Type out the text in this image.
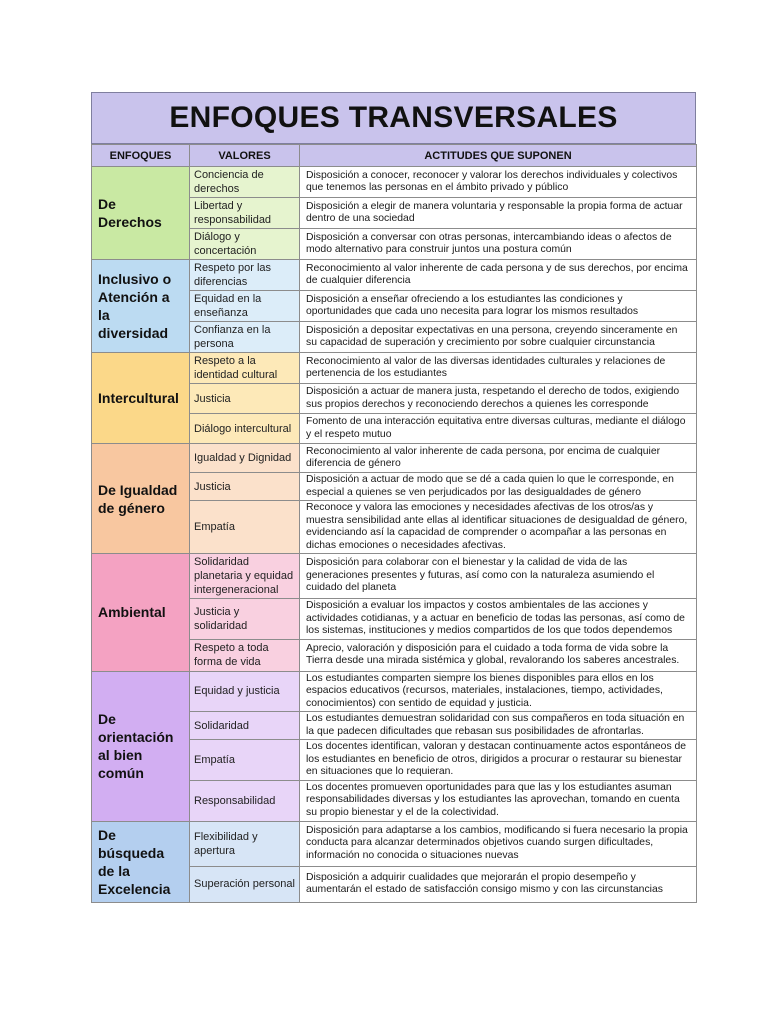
ENFOQUES TRANSVERSALES
ENFOQUES	VALORES	ACTITUDES QUE SUPONEN
De Derechos	Conciencia de derechos	Disposición a conocer, reconocer y valorar los derechos individuales y colectivos que tenemos las personas en el ámbito privado y público
	Libertad y responsabilidad	Disposición a elegir de manera voluntaria y responsable la propia forma de actuar dentro de una sociedad
	Diálogo y concertación	Disposición a conversar con otras personas, intercambiando ideas o afectos de modo alternativo para construir juntos una postura común
Inclusivo o Atención a la diversidad	Respeto por las diferencias	Reconocimiento al valor inherente de cada persona y de sus derechos, por encima de cualquier diferencia
	Equidad en la enseñanza	Disposición a enseñar ofreciendo a los estudiantes las condiciones y oportunidades que cada uno necesita para lograr los mismos resultados
	Confianza en la persona	Disposición a depositar expectativas en una persona, creyendo sinceramente en su capacidad de superación y crecimiento por sobre cualquier circunstancia
Intercultural	Respeto a la identidad cultural	Reconocimiento al valor de las diversas identidades culturales y relaciones de pertenencia de los estudiantes
	Justicia	Disposición a actuar de manera justa, respetando el derecho de todos, exigiendo sus propios derechos y reconociendo derechos a quienes les corresponde
	Diálogo intercultural	Fomento de una interacción equitativa entre diversas culturas, mediante el diálogo y el respeto mutuo
De Igualdad de género	Igualdad y Dignidad	Reconocimiento al valor inherente de cada persona, por encima de cualquier diferencia de género
	Justicia	Disposición a actuar de modo que se dé a cada quien lo que le corresponde, en especial a quienes se ven perjudicados por las desigualdades de género
	Empatía	Reconoce y valora las emociones y necesidades afectivas de los otros/as y muestra sensibilidad ante ellas al identificar situaciones de desigualdad de género, evidenciando así la capacidad de comprender o acompañar a las personas en dichas emociones o necesidades afectivas.
Ambiental	Solidaridad planetaria y equidad intergeneracional	Disposición para colaborar con el bienestar y la calidad de vida de las generaciones presentes y futuras, así como con la naturaleza asumiendo el cuidado del planeta
	Justicia y solidaridad	Disposición a evaluar los impactos y costos ambientales de las acciones y actividades cotidianas, y a actuar en beneficio de todas las personas, así como de los sistemas, instituciones y medios compartidos de los que todos dependemos
	Respeto a toda forma de vida	Aprecio, valoración y disposición para el cuidado a toda forma de vida sobre la Tierra desde una mirada sistémica y global, revalorando los saberes ancestrales.
De orientación al bien común	Equidad y justicia	Los estudiantes comparten siempre los bienes disponibles para ellos en los espacios educativos (recursos, materiales, instalaciones, tiempo, actividades, conocimientos) con sentido de equidad y justicia.
	Solidaridad	Los estudiantes demuestran solidaridad con sus compañeros en toda situación en la que padecen dificultades que rebasan sus posibilidades de afrontarlas.
	Empatía	Los docentes identifican, valoran y destacan continuamente actos espontáneos de los estudiantes en beneficio de otros, dirigidos a procurar o restaurar su bienestar en situaciones que lo requieran.
	Responsabilidad	Los docentes promueven oportunidades para que las y los estudiantes asuman responsabilidades diversas y los estudiantes las aprovechan, tomando en cuenta su propio bienestar y el de la colectividad.
De búsqueda de la Excelencia	Flexibilidad y apertura	Disposición para adaptarse a los cambios, modificando si fuera necesario la propia conducta para alcanzar determinados objetivos cuando surgen dificultades, información no conocida o situaciones nuevas
	Superación personal	Disposición a adquirir cualidades que mejorarán el propio desempeño y aumentarán el estado de satisfacción consigo mismo y con las circunstancias
